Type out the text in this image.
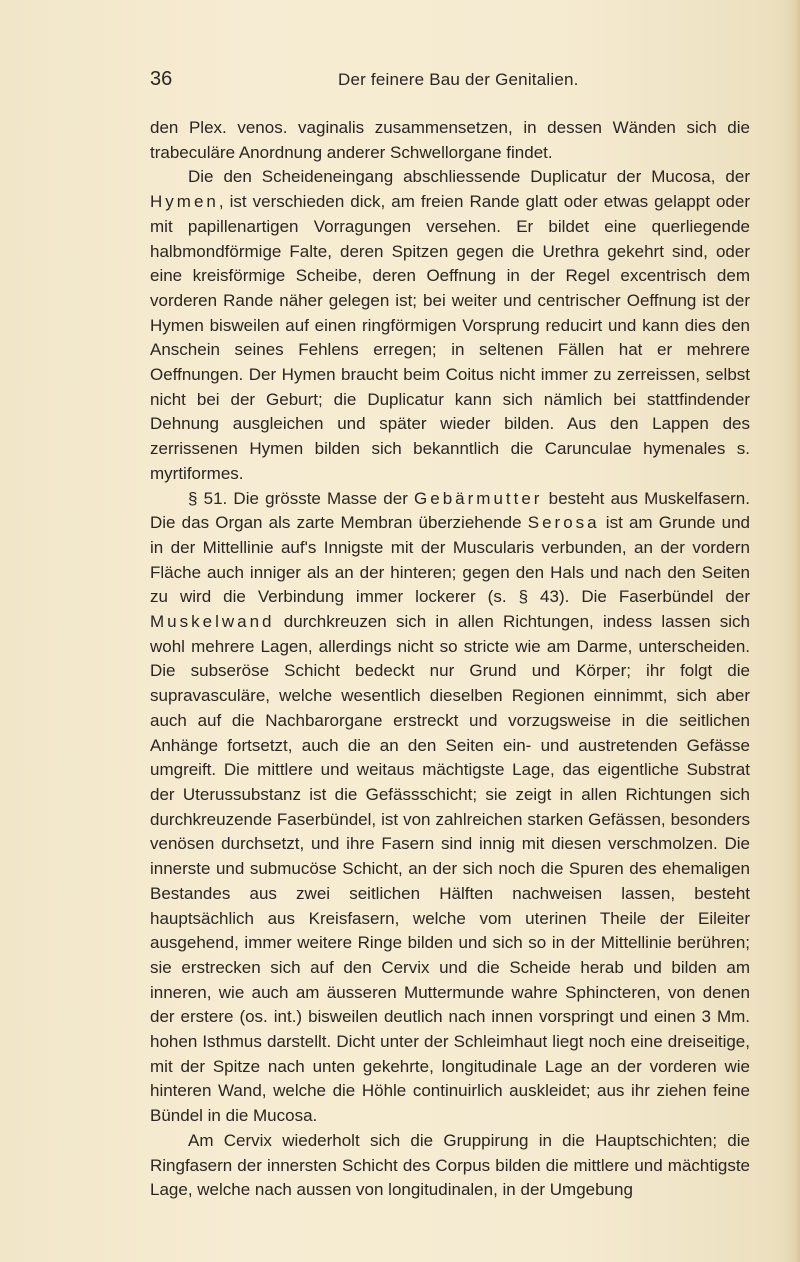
36	Der feinere Bau der Genitalien.

den Plex. venos. vaginalis zusammensetzen, in dessen Wänden sich die trabeculäre Anordnung anderer Schwellorgane findet.

Die den Scheideneingang abschliessende Duplicatur der Mucosa, der Hymen, ist verschieden dick, am freien Rande glatt oder etwas gelappt oder mit papillenartigen Vorragungen versehen. Er bildet eine querliegende halbmondförmige Falte, deren Spitzen gegen die Urethra gekehrt sind, oder eine kreisförmige Scheibe, deren Oeffnung in der Regel excentrisch dem vorderen Rande näher gelegen ist; bei weiter und centrischer Oeffnung ist der Hymen bisweilen auf einen ringförmigen Vorsprung reducirt und kann dies den Anschein seines Fehlens erregen; in seltenen Fällen hat er mehrere Oeffnungen. Der Hymen braucht beim Coitus nicht immer zu zerreissen, selbst nicht bei der Geburt; die Duplicatur kann sich nämlich bei stattfindender Dehnung ausgleichen und später wieder bilden. Aus den Lappen des zerrissenen Hymen bilden sich bekanntlich die Carunculae hymenales s. myrtiformes.

§ 51. Die grösste Masse der Gebärmutter besteht aus Muskelfasern. Die das Organ als zarte Membran überziehende Serosa ist am Grunde und in der Mittellinie auf's Innigste mit der Muscularis verbunden, an der vordern Fläche auch inniger als an der hinteren; gegen den Hals und nach den Seiten zu wird die Verbindung immer lockerer (s. § 43). Die Faserbündel der Muskelwand durchkreuzen sich in allen Richtungen, indess lassen sich wohl mehrere Lagen, allerdings nicht so stricte wie am Darme, unterscheiden. Die subseröse Schicht bedeckt nur Grund und Körper; ihr folgt die supravasculäre, welche wesentlich dieselben Regionen einnimmt, sich aber auch auf die Nachbarorgane erstreckt und vorzugsweise in die seitlichen Anhänge fortsetzt, auch die an den Seiten ein- und austretenden Gefässe umgreift. Die mittlere und weitaus mächtigste Lage, das eigentliche Substrat der Uterussubstanz ist die Gefässschicht; sie zeigt in allen Richtungen sich durchkreuzende Faserbündel, ist von zahlreichen starken Gefässen, besonders venösen durchsetzt, und ihre Fasern sind innig mit diesen verschmolzen. Die innerste und submucöse Schicht, an der sich noch die Spuren des ehemaligen Bestandes aus zwei seitlichen Hälften nachweisen lassen, besteht hauptsächlich aus Kreisfasern, welche vom uterinen Theile der Eileiter ausgehend, immer weitere Ringe bilden und sich so in der Mittellinie berühren; sie erstrecken sich auf den Cervix und die Scheide herab und bilden am inneren, wie auch am äusseren Muttermunde wahre Sphincteren, von denen der erstere (os. int.) bisweilen deutlich nach innen vorspringt und einen 3 Mm. hohen Isthmus darstellt. Dicht unter der Schleimhaut liegt noch eine dreiseitige, mit der Spitze nach unten gekehrte, longitudinale Lage an der vorderen wie hinteren Wand, welche die Höhle continuirlich auskleidet; aus ihr ziehen feine Bündel in die Mucosa.

Am Cervix wiederholt sich die Gruppirung in die Hauptschichten; die Ringfasern der innersten Schicht des Corpus bilden die mittlere und mächtigste Lage, welche nach aussen von longitudinalen, in der Umgebung
